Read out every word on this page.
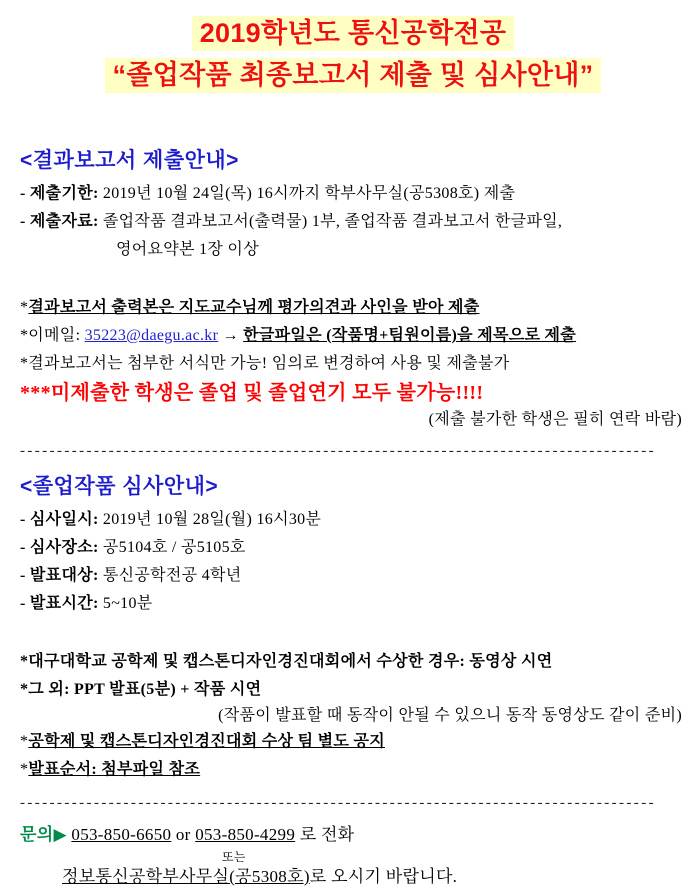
2019학년도 통신공학전공
“졸업작품 최종보고서 제출 및 심사안내”
<결과보고서 제출안내>
- 제출기한: 2019년 10월 24일(목) 16시까지 학부사무실(공5308호) 제출
- 제출자료: 졸업작품 결과보고서(출력물) 1부, 졸업작품 결과보고서 한글파일,
영어요약본 1장 이상
*결과보고서 출력본은 지도교수님께 평가의견과 사인을 받아 제출
*이메일: 35223@daegu.ac.kr → 한글파일은 (작품명+팀원이름)을 제목으로 제출
*결과보고서는 첨부한 서식만 가능! 임의로 변경하여 사용 및 제출불가
***미제출한 학생은 졸업 및 졸업연기 모두 불가능!!!!
(제출 불가한 학생은 필히 연락 바람)
--------------------------------------------------------------------------------------
<졸업작품 심사안내>
- 심사일시: 2019년 10월 28일(월) 16시30분
- 심사장소: 공5104호 / 공5105호
- 발표대상: 통신공학전공 4학년
- 발표시간: 5~10분
*대구대학교 공학제 및 캡스톤디자인경진대회에서 수상한 경우: 동영상 시연
*그 외: PPT 발표(5분) + 작품 시연
(작품이 발표할 때 동작이 안될 수 있으니 동작 동영상도 같이 준비)
*공학제 및 캡스톤디자인경진대회 수상 팀 별도 공지
*발표순서: 첨부파일 참조
--------------------------------------------------------------------------------------
문의▶ 053-850-6650 or 053-850-4299 로 전화
또는
정보통신공학부사무실(공5308호)로 오시기 바랍니다.
